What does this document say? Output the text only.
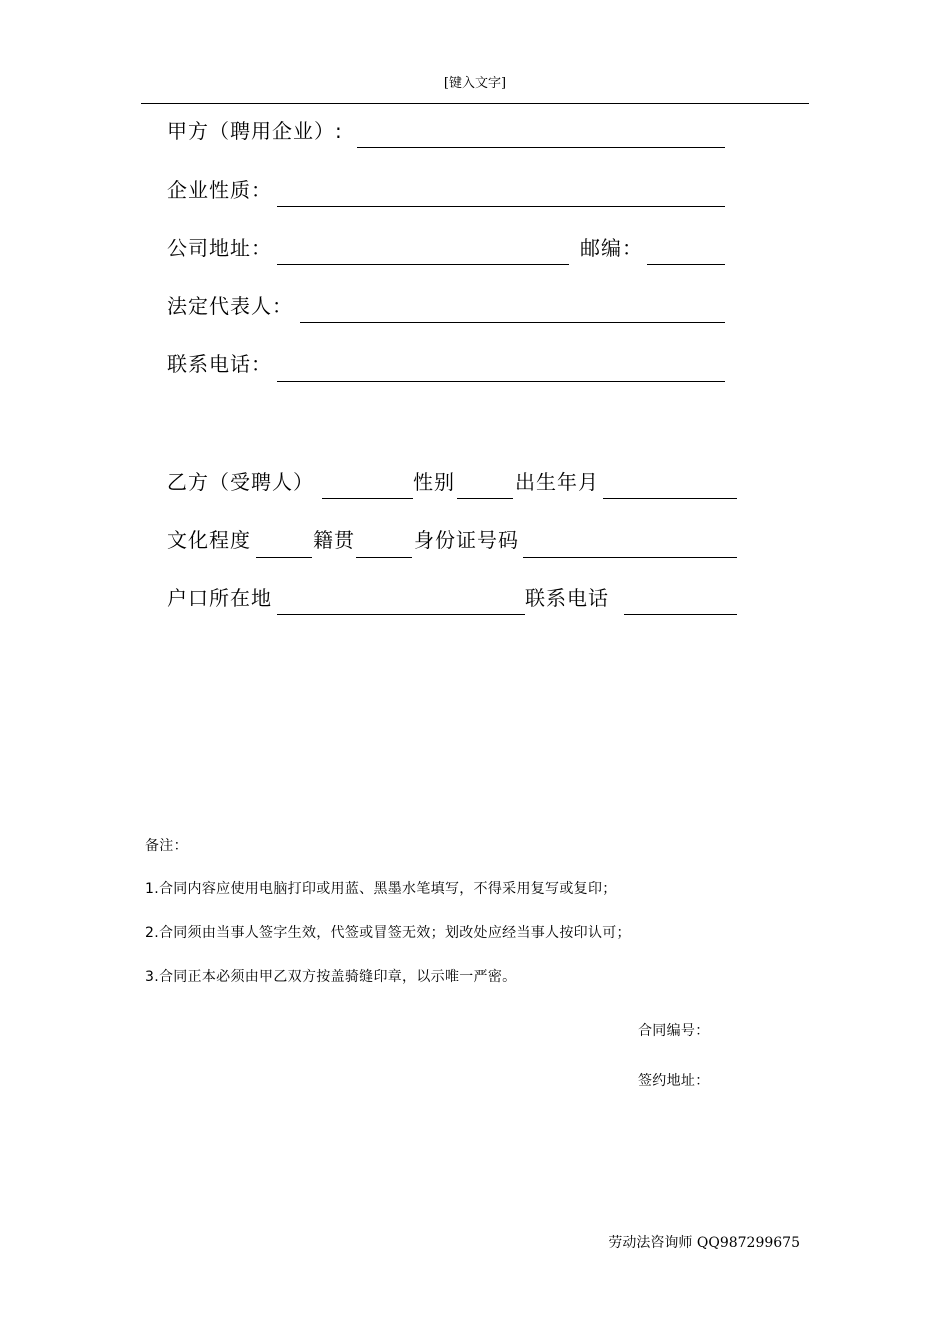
[键入文字]
甲方（聘用企业）:
企业性质：
公司地址：	邮编：
法定代表人：
联系电话：
乙方（受聘人）	性别	出生年月
文化程度	籍贯	身份证号码
户口所在地	联系电话
备注：
1.合同内容应使用电脑打印或用蓝、黑墨水笔填写，不得采用复写或复印；
2.合同须由当事人签字生效，代签或冒签无效；划改处应经当事人按印认可；
3.合同正本必须由甲乙双方按盖骑缝印章，以示唯一严密。
合同编号：
签约地址：
劳动法咨询师 QQ987299675
